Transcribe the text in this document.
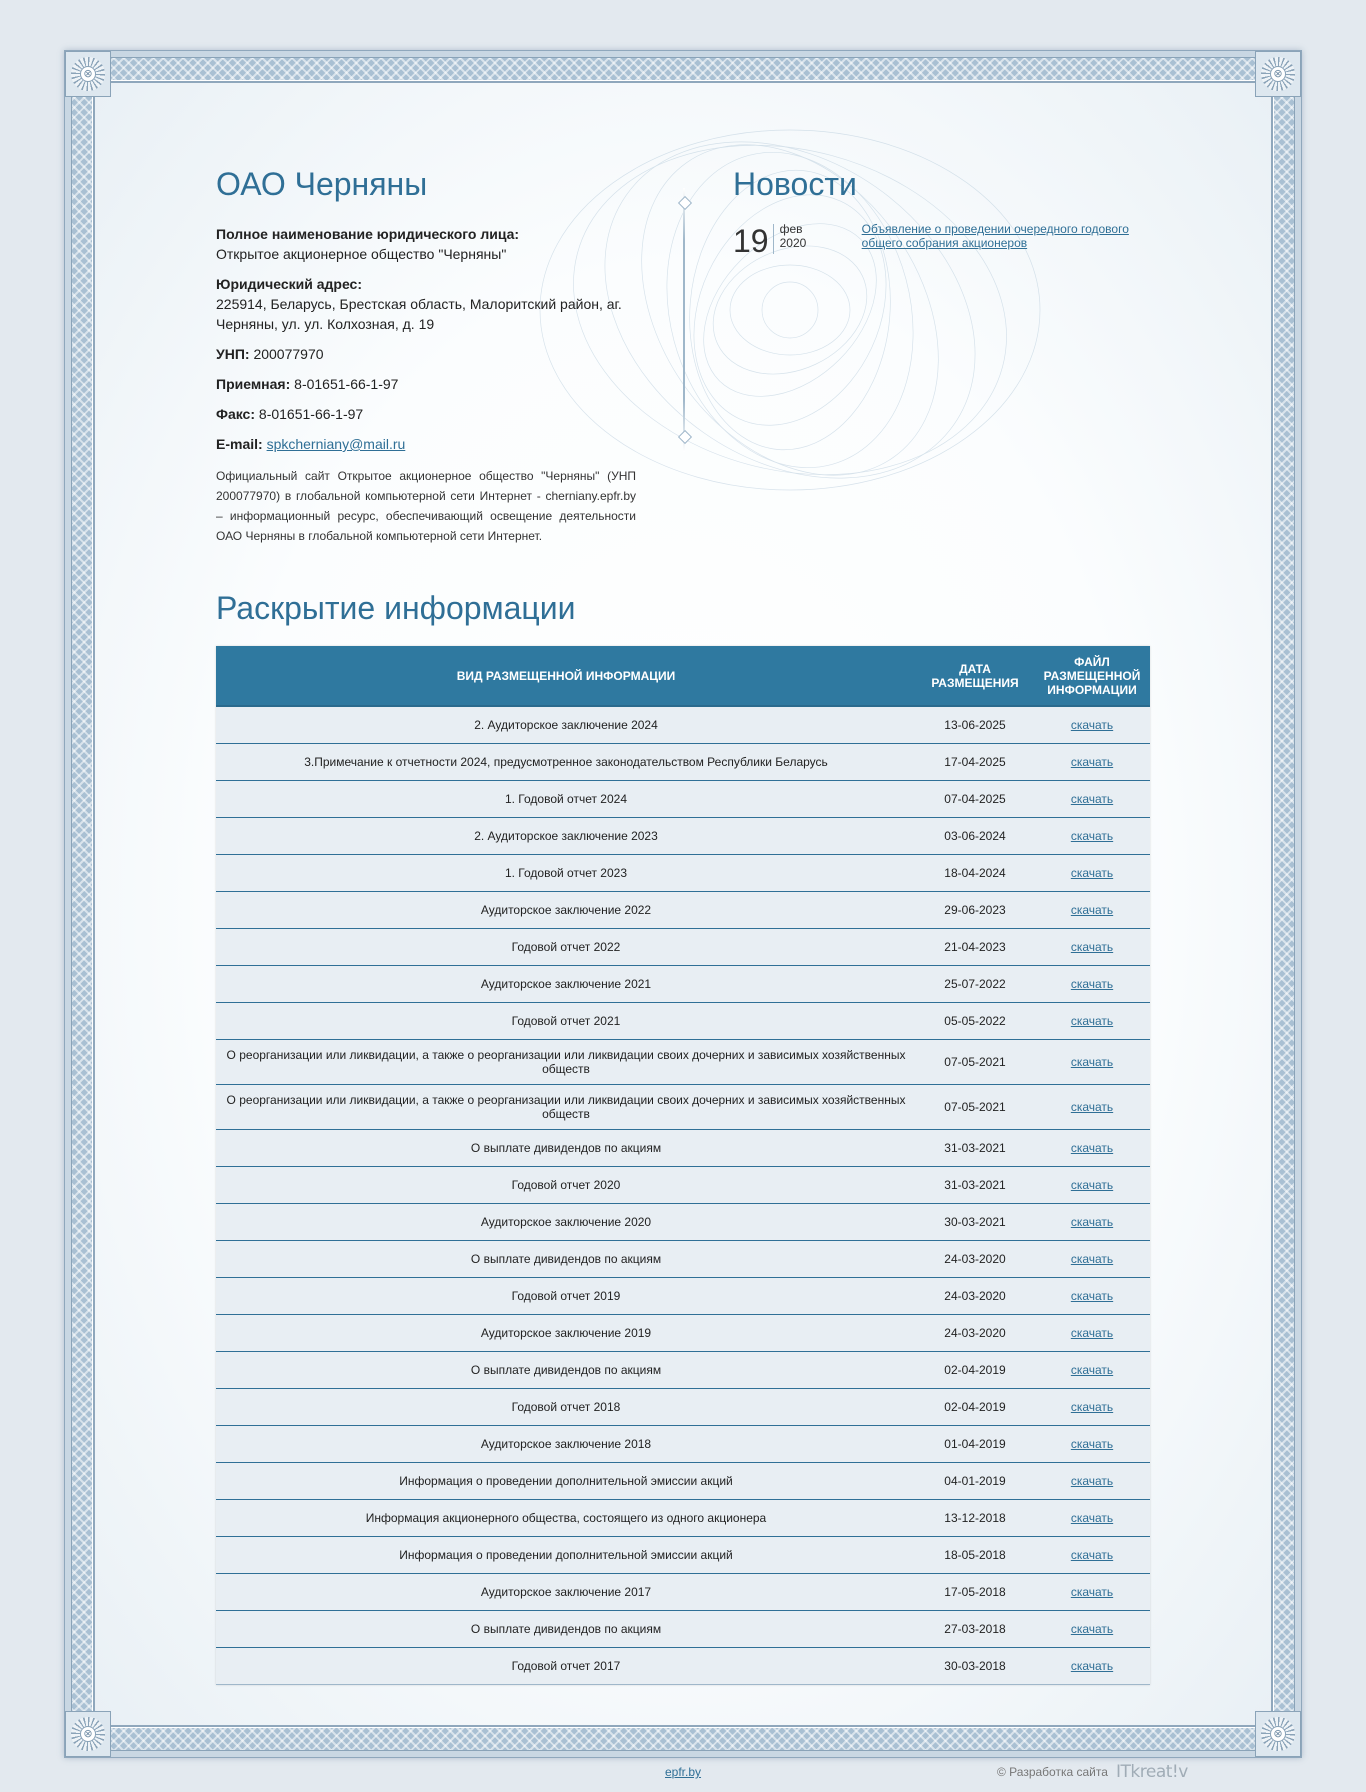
⊗	⊗
⊗	⊗
ОАО Черняны
Полное наименование юридического лица:
Открытое акционерное общество "Черняны"
Юридический адрес:
225914, Беларусь, Брестская область, Малоритский район, аг. Черняны, ул. ул. Колхозная, д. 19
УНП: 200077970
Приемная: 8-01651-66-1-97
Факс: 8-01651-66-1-97
E-mail: spkcherniany@mail.ru

Официальный сайт Открытое акционерное общество "Черняны" (УНП 200077970) в глобальной компьютерной сети Интернет - cherniany.epfr.by – информационный ресурс, обеспечивающий освещение деятельности ОАО Черняны в глобальной компьютерной сети Интернет.

Новости
19 фев
2020
Объявление о проведении очередного годового общего собрания акционеров
Раскрытие информации
ВИД РАЗМЕЩЕННОЙ ИНФОРМАЦИИ	ДАТА РАЗМЕЩЕНИЯ	ФАЙЛ РАЗМЕЩЕННОЙ ИНФОРМАЦИИ
2. Аудиторское заключение 2024	13-06-2025	скачать
3.Примечание к отчетности 2024, предусмотренное законодательством Республики Беларусь	17-04-2025	скачать
1. Годовой отчет 2024	07-04-2025	скачать
2. Аудиторское заключение 2023	03-06-2024	скачать
1. Годовой отчет 2023	18-04-2024	скачать
Аудиторское заключение 2022	29-06-2023	скачать
Годовой отчет 2022	21-04-2023	скачать
Аудиторское заключение 2021	25-07-2022	скачать
Годовой отчет 2021	05-05-2022	скачать
О реорганизации или ликвидации, а также о реорганизации или ликвидации своих дочерних и зависимых хозяйственных обществ	07-05-2021	скачать
О реорганизации или ликвидации, а также о реорганизации или ликвидации своих дочерних и зависимых хозяйственных обществ	07-05-2021	скачать
О выплате дивидендов по акциям	31-03-2021	скачать
Годовой отчет 2020	31-03-2021	скачать
Аудиторское заключение 2020	30-03-2021	скачать
О выплате дивидендов по акциям	24-03-2020	скачать
Годовой отчет 2019	24-03-2020	скачать
Аудиторское заключение 2019	24-03-2020	скачать
О выплате дивидендов по акциям	02-04-2019	скачать
Годовой отчет 2018	02-04-2019	скачать
Аудиторское заключение 2018	01-04-2019	скачать
Информация о проведении дополнительной эмиссии акций	04-01-2019	скачать
Информация акционерного общества, состоящего из одного акционера	13-12-2018	скачать
Информация о проведении дополнительной эмиссии акций	18-05-2018	скачать
Аудиторское заключение 2017	17-05-2018	скачать
О выплате дивидендов по акциям	27-03-2018	скачать
Годовой отчет 2017	30-03-2018	скачать
epfr.by	© Разработка сайта ITkreat!v
